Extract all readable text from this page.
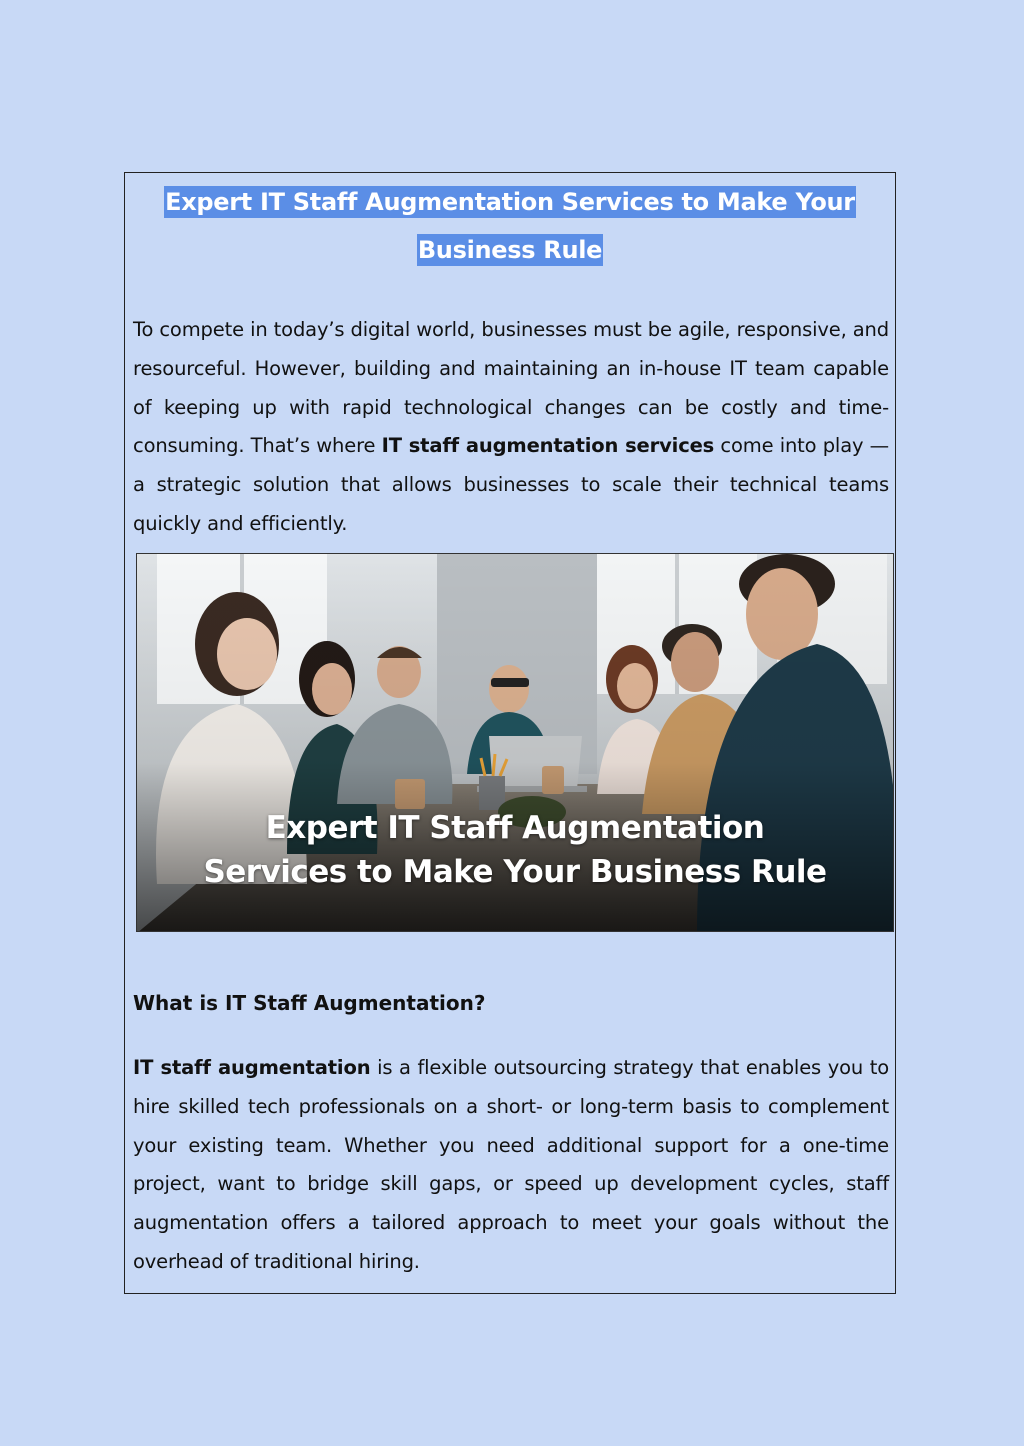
Expert IT Staff Augmentation Services to Make Your
Business Rule

To compete in today’s digital world, businesses must be agile, responsive, and resourceful. However, building and maintaining an in-house IT team capable of keeping up with rapid technological changes can be costly and time-consuming. That’s where IT staff augmentation services come into play — a strategic solution that allows businesses to scale their technical teams quickly and efficiently.

Expert IT Staff Augmentation
Services to Make Your Business Rule
What is IT Staff Augmentation?

IT staff augmentation is a flexible outsourcing strategy that enables you to hire skilled tech professionals on a short- or long-term basis to complement your existing team. Whether you need additional support for a one-time project, want to bridge skill gaps, or speed up development cycles, staff augmentation offers a tailored approach to meet your goals without the overhead of traditional hiring.
